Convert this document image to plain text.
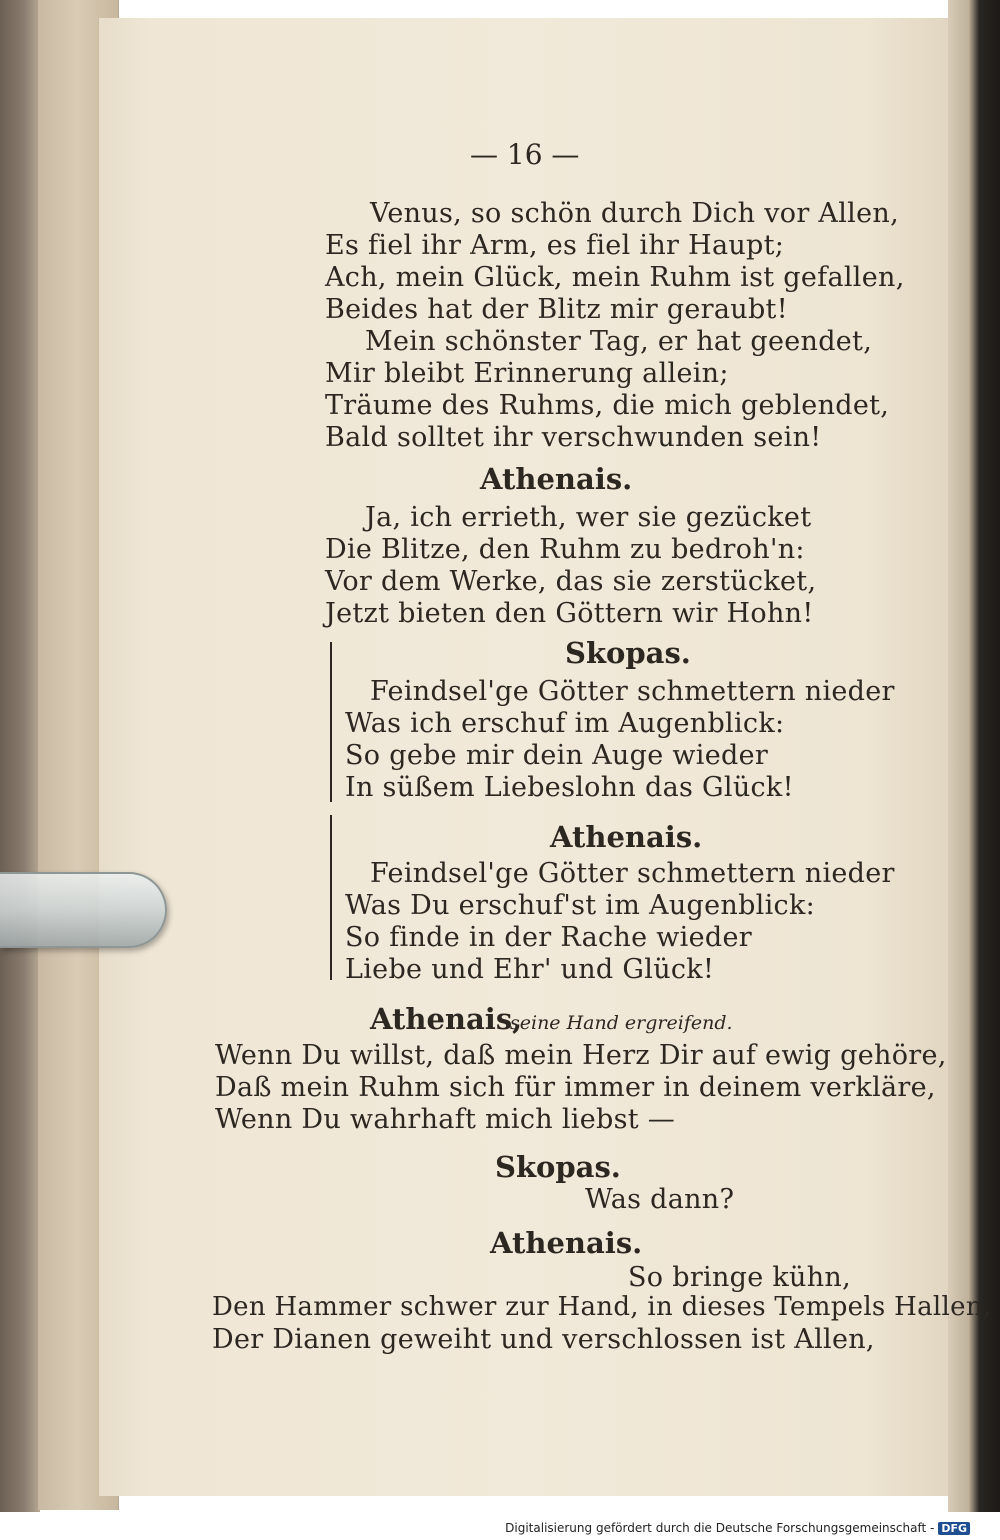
— 16 —
Venus, so schön durch Dich vor Allen,
Es fiel ihr Arm, es fiel ihr Haupt;
Ach, mein Glück, mein Ruhm ist gefallen,
Beides hat der Blitz mir geraubt!
Mein schönster Tag, er hat geendet,
Mir bleibt Erinnerung allein;
Träume des Ruhms, die mich geblendet,
Bald solltet ihr verschwunden sein!
Athenais.
Ja, ich errieth, wer sie gezücket
Die Blitze, den Ruhm zu bedroh'n:
Vor dem Werke, das sie zerstücket,
Jetzt bieten den Göttern wir Hohn!
Skopas.
Feindsel'ge Götter schmettern nieder
Was ich erschuf im Augenblick:
So gebe mir dein Auge wieder
In süßem Liebeslohn das Glück!
Athenais.
Feindsel'ge Götter schmettern nieder
Was Du erschuf'st im Augenblick:
So finde in der Rache wieder
Liebe und Ehr' und Glück!
Athenais,
seine Hand ergreifend.
Wenn Du willst, daß mein Herz Dir auf ewig gehöre,
Daß mein Ruhm sich für immer in deinem verkläre,
Wenn Du wahrhaft mich liebst —
Skopas.
Was dann?
Athenais.
So bringe kühn,
Den Hammer schwer zur Hand, in dieses Tempels Hallen,
Der Dianen geweiht und verschlossen ist Allen,
Digitalisierung gefördert durch die Deutsche Forschungsgemeinschaft - DFG
